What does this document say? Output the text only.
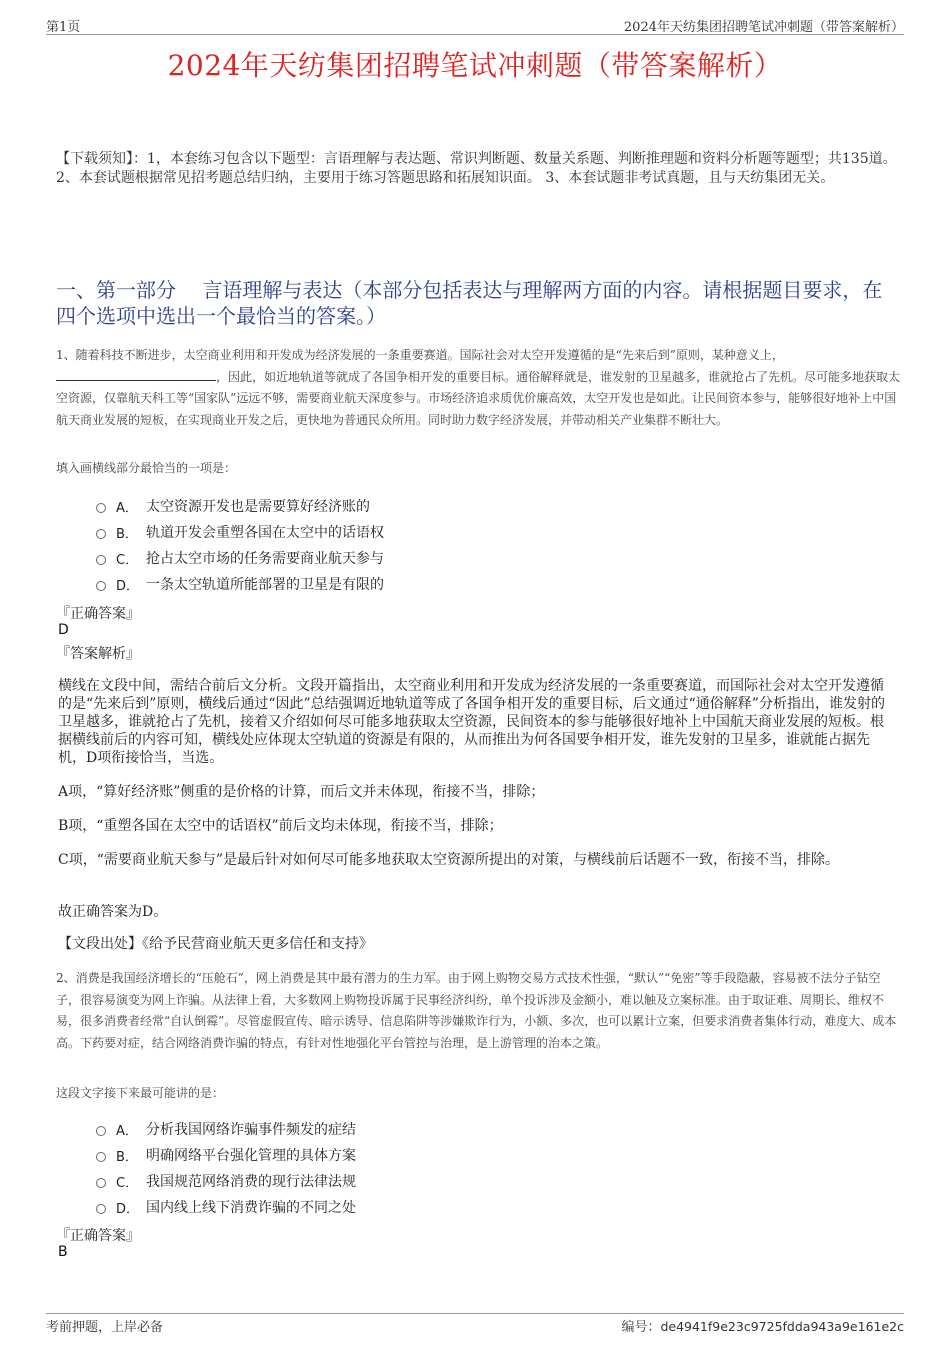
第1页	2024年天纺集团招聘笔试冲刺题（带答案解析）
2024年天纺集团招聘笔试冲刺题（带答案解析）
【下载须知】：1，本套练习包含以下题型：言语理解与表达题、常识判断题、数量关系题、判断推理题和资料分析题等题型；共135道。 2、本套试题根据常见招考题总结归纳，主要用于练习答题思路和拓展知识面。 3、本套试题非考试真题，且与天纺集团无关。
一、第一部分　 言语理解与表达（本部分包括表达与理解两方面的内容。请根据题目要求，在四个选项中选出一个最恰当的答案。）
1、随着科技不断进步，太空商业利用和开发成为经济发展的一条重要赛道。国际社会对太空开发遵循的是“先来后到”原则，某种意义上，，因此，如近地轨道等就成了各国争相开发的重要目标。通俗解释就是，谁发射的卫星越多，谁就抢占了先机。尽可能多地获取太空资源，仅靠航天科工等“国家队”远远不够，需要商业航天深度参与。市场经济追求质优价廉高效，太空开发也是如此。让民间资本参与，能够很好地补上中国航天商业发展的短板，在实现商业开发之后，更快地为普通民众所用。同时助力数字经济发展，并带动相关产业集群不断壮大。
填入画横线部分最恰当的一项是：
A． 太空资源开发也是需要算好经济账的
B． 轨道开发会重塑各国在太空中的话语权
C． 抢占太空市场的任务需要商业航天参与
D． 一条太空轨道所能部署的卫星是有限的
『正确答案』
D
『答案解析』
横线在文段中间，需结合前后文分析。文段开篇指出，太空商业利用和开发成为经济发展的一条重要赛道，而国际社会对太空开发遵循的是“先来后到”原则，横线后通过“因此”总结强调近地轨道等成了各国争相开发的重要目标，后文通过“通俗解释”分析指出，谁发射的卫星越多，谁就抢占了先机，接着又介绍如何尽可能多地获取太空资源，民间资本的参与能够很好地补上中国航天商业发展的短板。根据横线前后的内容可知，横线处应体现太空轨道的资源是有限的，从而推出为何各国要争相开发，谁先发射的卫星多，谁就能占据先机，D项衔接恰当，当选。
A项，“算好经济账”侧重的是价格的计算，而后文并未体现，衔接不当，排除；
B项，“重塑各国在太空中的话语权”前后文均未体现，衔接不当，排除；
C项，“需要商业航天参与”是最后针对如何尽可能多地获取太空资源所提出的对策，与横线前后话题不一致，衔接不当，排除。
故正确答案为D。
【文段出处】《给予民营商业航天更多信任和支持》
2、消费是我国经济增长的“压舱石”，网上消费是其中最有潜力的生力军。由于网上购物交易方式技术性强，“默认”“免密”等手段隐蔽，容易被不法分子钻空子，很容易演变为网上诈骗。从法律上看，大多数网上购物投诉属于民事经济纠纷，单个投诉涉及金额小，难以触及立案标准。由于取证难、周期长、维权不易，很多消费者经常“自认倒霉”。尽管虚假宣传、暗示诱导、信息陷阱等涉嫌欺诈行为，小额、多次，也可以累计立案，但要求消费者集体行动，难度大、成本高。下药要对症，结合网络消费诈骗的特点，有针对性地强化平台管控与治理，是上游管理的治本之策。
这段文字接下来最可能讲的是：
A． 分析我国网络诈骗事件频发的症结
B． 明确网络平台强化管理的具体方案
C． 我国规范网络消费的现行法律法规
D． 国内线上线下消费诈骗的不同之处
『正确答案』
B
考前押题，上岸必备	编号：de4941f9e23c9725fdda943a9e161e2c
